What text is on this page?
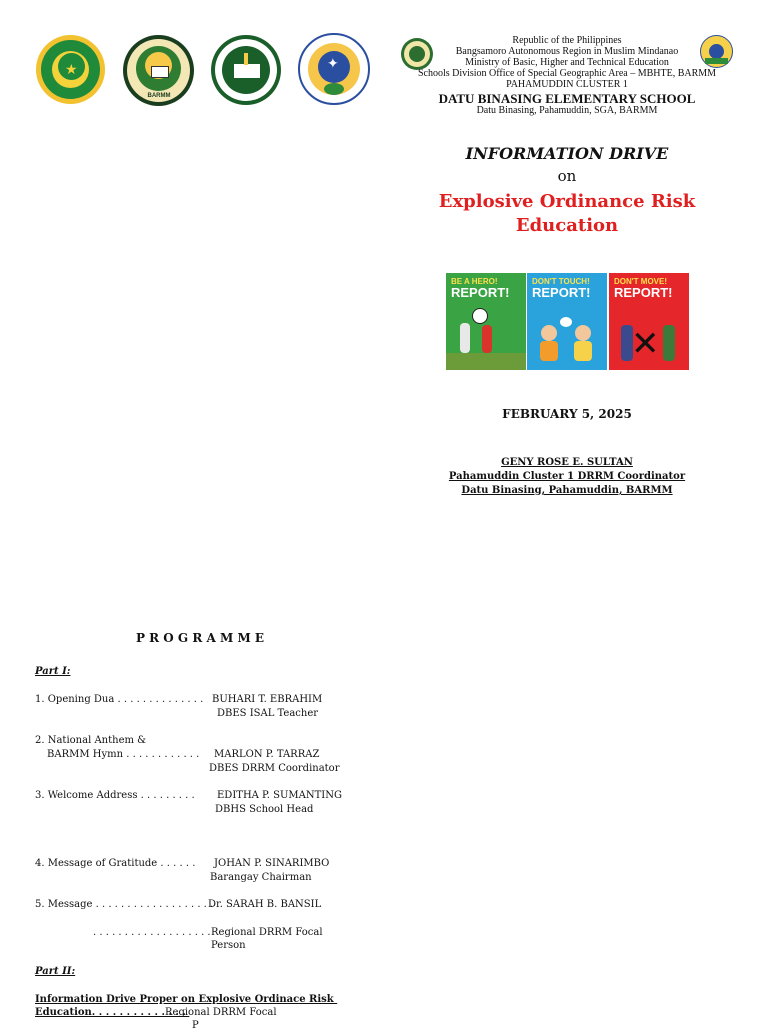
★
BARMM
✦
Republic of the Philippines
Bangsamoro Autonomous Region in Muslim Mindanao
Ministry of Basic, Higher and Technical Education
Schools Division Office of Special Geographic Area – MBHTE, BARMM
PAHAMUDDIN CLUSTER 1
DATU BINASING ELEMENTARY SCHOOL
Datu Binasing, Pahamuddin, SGA, BARMM
INFORMATION DRIVE
on
Explosive Ordinance Risk
Education
BE A HERO!
REPORT!
DON'T TOUCH!
REPORT!
DON'T MOVE!
REPORT!
✕
FEBRUARY 5, 2025
GENY ROSE E. SULTAN
Pahamuddin Cluster 1 DRRM Coordinator
Datu Binasing, Pahamuddin, BARMM
P R O G R A M M E
Part I:
1. Opening Dua . . . . . . . . . . . . . . BUHARI T. EBRAHIM
DBES ISAL Teacher
2. National Anthem &
BARMM Hymn . . . . . . . . . . . . MARLON P. TARRAZ
DBES DRRM Coordinator
3. Welcome Address . . . . . . . . . EDITHA P. SUMANTING
DBHS School Head
4. Message of Gratitude . . . . . . JOHAN P. SINARIMBO
Barangay Chairman
5. Message . . . . . . . . . . . . . . . . . . .
Dr. SARAH B. BANSIL
. . . . . . . . . . . . . . . . . . . Regional DRRM Focal
Person
Part II:
Information Drive Proper on Explosive Ordinace Risk
Education. . . . . . . . . . . . . .
Regional DRRM Focal
P
